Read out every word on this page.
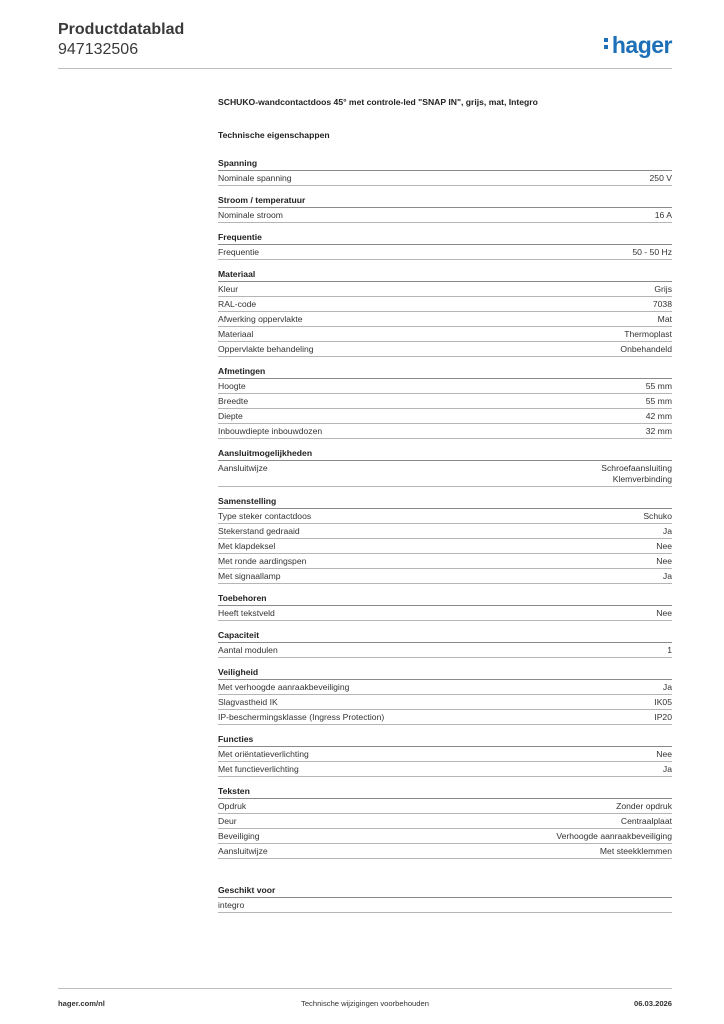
Productdatablad
947132506	hager
SCHUKO-wandcontactdoos 45° met controle-led "SNAP IN", grijs, mat, Integro
Technische eigenschappen
Spanning
Nominale spanning	250 V
Stroom / temperatuur
Nominale stroom	16 A
Frequentie
Frequentie	50 - 50 Hz
Materiaal
Kleur	Grijs
RAL-code	7038
Afwerking oppervlakte	Mat
Materiaal	Thermoplast
Oppervlakte behandeling	Onbehandeld
Afmetingen
Hoogte	55 mm
Breedte	55 mm
Diepte	42 mm
Inbouwdiepte inbouwdozen	32 mm
Aansluitmogelijkheden
Aansluitwijze	Schroefaansluiting
Klemverbinding
Samenstelling
Type steker contactdoos	Schuko
Stekerstand gedraaid	Ja
Met klapdeksel	Nee
Met ronde aardingspen	Nee
Met signaallamp	Ja
Toebehoren
Heeft tekstveld	Nee
Capaciteit
Aantal modulen	1
Veiligheid
Met verhoogde aanraakbeveiliging	Ja
Slagvastheid IK	IK05
IP-beschermingsklasse (Ingress Protection)	IP20
Functies
Met oriëntatieverlichting	Nee
Met functieverlichting	Ja
Teksten
Opdruk	Zonder opdruk
Deur	Centraalplaat
Beveiliging	Verhoogde aanraakbeveiliging
Aansluitwijze	Met steekklemmen
Geschikt voor
integro
hager.com/nl	Technische wijzigingen voorbehouden	06.03.2026
